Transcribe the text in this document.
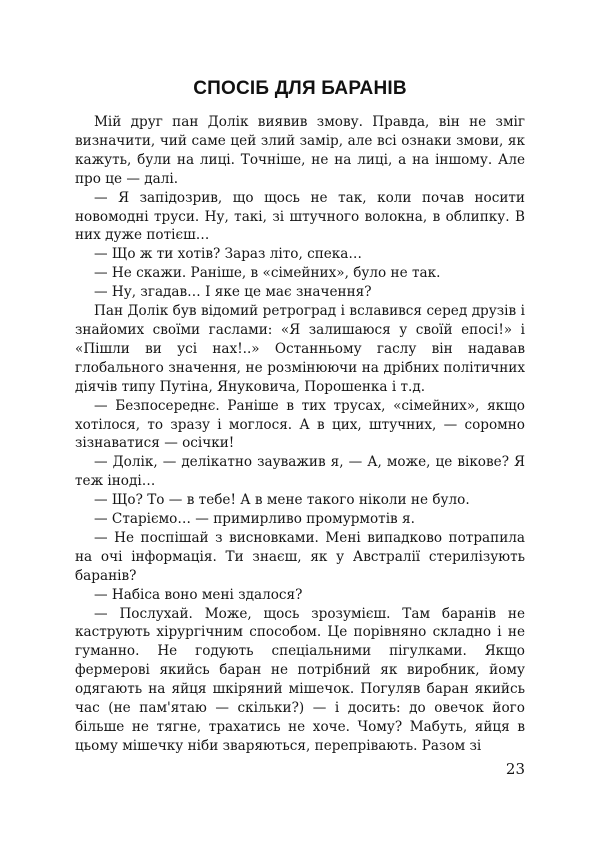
СПОСІБ ДЛЯ БАРАНІВ

Мій друг пан Долік виявив змову. Правда, він не зміг визначити, чий саме цей злий замір, але всі ознаки змови, як кажуть, були на лиці. Точніше, не на лиці, а на іншому. Але про це — далі.

— Я запідозрив, що щось не так, коли почав носити новомодні труси. Ну, такі, зі штучного волокна, в облипку. В них дуже потієш…

— Що ж ти хотів? Зараз літо, спека…

— Не скажи. Раніше, в «сімейних», було не так.

— Ну, згадав… І яке це має значення?

Пан Долік був відомий ретроград і вславився серед друзів і знайомих своїми гаслами: «Я залишаюся у своїй епосі!» і «Пішли ви усі нах!..» Останньому гаслу він надавав глобального значення, не розмінюючи на дрібних політичних діячів типу Путіна, Януковича, Порошенка і т.д.

— Безпосереднє. Раніше в тих трусах, «сімейних», якщо хотілося, то зразу і моглося. А в цих, штучних, — соромно зізнаватися — осічки!

— Долік, — делікатно зауважив я, — А, може, це вікове? Я теж іноді…

— Що? То — в тебе! А в мене такого ніколи не було.

— Старіємо… — примирливо промурмотів я.

— Не поспішай з висновками. Мені випадково потрапила на очі інформація. Ти знаєш, як у Австралії стерилізують баранів?

— Набіса воно мені здалося?

— Послухай. Може, щось зрозумієш. Там баранів не каструють хірургічним способом. Це порівняно складно і не гуманно. Не годують спеціальними пігулками. Якщо фермерові якийсь баран не потрібний як виробник, йому одягають на яйця шкіряний мішечок. Погуляв баран якийсь час (не пам'ятаю — скільки?) — і досить: до овечок його більше не тягне, трахатись не хоче. Чому? Мабуть, яйця в цьому мішечку ніби зваряються, перепрівають. Разом зі

23
